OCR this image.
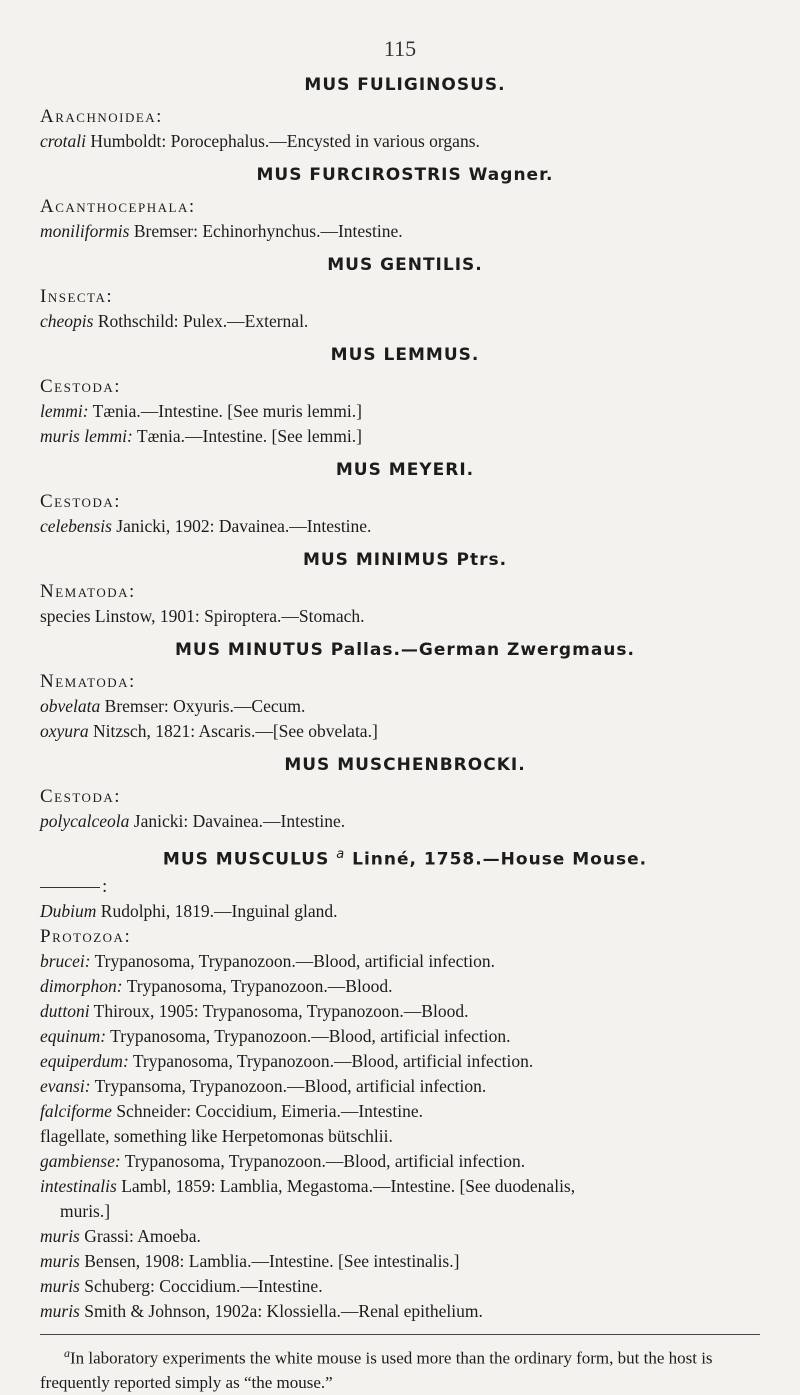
115

MUS FULIGINOSUS.

Arachnoidea:

crotali Humboldt: Porocephalus.—Encysted in various organs.

MUS FURCIROSTRIS Wagner.

Acanthocephala:

moniliformis Bremser: Echinorhynchus.—Intestine.

MUS GENTILIS.

Insecta:

cheopis Rothschild: Pulex.—External.

MUS LEMMUS.

Cestoda:

lemmi: Tænia.—Intestine. [See muris lemmi.]

muris lemmi: Tænia.—Intestine. [See lemmi.]

MUS MEYERI.

Cestoda:

celebensis Janicki, 1902: Davainea.—Intestine.

MUS MINIMUS Ptrs.

Nematoda:

species Linstow, 1901: Spiroptera.—Stomach.

MUS MINUTUS Pallas.—German Zwergmaus.

Nematoda:

obvelata Bremser: Oxyuris.—Cecum.

oxyura Nitzsch, 1821: Ascaris.—[See obvelata.]

MUS MUSCHENBROCKI.

Cestoda:

polycalceola Janicki: Davainea.—Intestine.

MUS MUSCULUS $^a$ Linné, 1758.—House Mouse.

:

Dubium Rudolphi, 1819.—Inguinal gland.

Protozoa:

brucei: Trypanosoma, Trypanozoon.—Blood, artificial infection.

dimorphon: Trypanosoma, Trypanozoon.—Blood.

duttoni Thiroux, 1905: Trypanosoma, Trypanozoon.—Blood.

equinum: Trypanosoma, Trypanozoon.—Blood, artificial infection.

equiperdum: Trypanosoma, Trypanozoon.—Blood, artificial infection.

evansi: Trypansoma, Trypanozoon.—Blood, artificial infection.

falciforme Schneider: Coccidium, Eimeria.—Intestine.

flagellate, something like Herpetomonas bütschlii.

gambiense: Trypanosoma, Trypanozoon.—Blood, artificial infection.

intestinalis Lambl, 1859: Lamblia, Megastoma.—Intestine. [See duodenalis,

muris.]

muris Grassi: Amoeba.

muris Bensen, 1908: Lamblia.—Intestine. [See intestinalis.]

muris Schuberg: Coccidium.—Intestine.

muris Smith & Johnson, 1902a: Klossiella.—Renal epithelium.

$^a$In laboratory experiments the white mouse is used more than the ordinary form, but the host is frequently reported simply as “the mouse.”
